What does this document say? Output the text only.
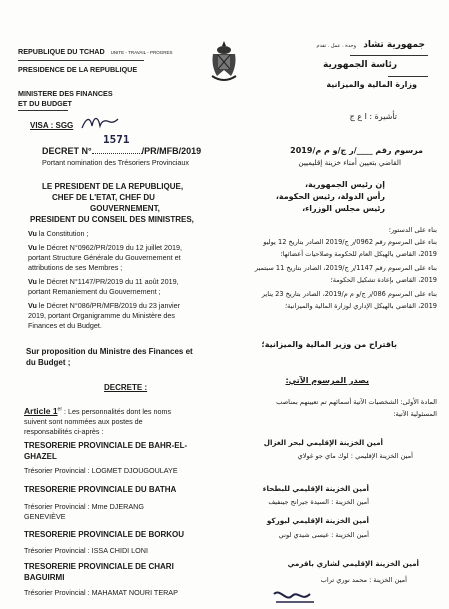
REPUBLIQUE DU TCHAD UNITE - TRAVAIL - PROGRES
PRESIDENCE DE LA REPUBLIQUE
MINISTERE DES FINANCES
ET DU BUDGET
VISA : SGG
جمهورية تشاد وحدة . عمل . تقدم
رئاسة الجمهورية
وزارة المالية والميزانية
تأشيرة : ا ع ج
DECRET N°	/PR/MFB/2019
1571
Portant nomination des Trésoriers Provinciaux
مرسوم رقم ____/ر ج/و م م/2019
القاضي بتعيين أمناء خزينة إقليميين
LE PRESIDENT DE LA REPUBLIQUE,
CHEF DE L'ETAT, CHEF DU
GOUVERNEMENT,
PRESIDENT DU CONSEIL DES MINISTRES,
إن رئيس الجمهورية،
رأس الدولة، رئيس الحكومة،
رئيس مجلس الوزراء،
Vu la Constitution ;
Vu le Décret N°0962/PR/2019 du 12 juillet 2019,
portant Structure Générale du Gouvernement et
attributions de ses Membres ;
Vu le Décret N°1147/PR/2019 du 11 août 2019,
portant Remaniement du Gouvernement ;
Vu le Décret N°086/PR/MFB/2019 du 23 janvier
2019, portant Organigramme du Ministère des
Finances et du Budget.
بناء على الدستور؛
بناء على المرسوم رقم 0962/ر ج/2019 الصادر بتاريخ 12 يوليو
2019، القاضي بالهيكل العام للحكومة وصلاحيات أعضائها؛
بناء على المرسوم رقم 1147/ر ج/2019، الصادر بتاريخ 11 سبتمبر
2019، القاضي بإعادة تشكيل الحكومة؛
بناء على المرسوم 086/ر ج/و م م/2019، الصادر بتاريخ 23 يناير
2019، القاضي بالهيكل الإداري لوزارة المالية والميزانية؛
Sur proposition du Ministre des Finances et
du Budget ;
باقتراح من وزير المالية والميزانية؛
DECRETE :
يصدر المرسوم الآتي:
Article 1er : Les personnalités dont les noms
suivent sont nommées aux postes de
responsabilités ci-après :
المادة الأولى: الشخصيات الآتية أسمائهم تم تعيينهم بمناصب
المسئولية الآتية:
TRESORERIE PROVINCIALE DE BAHR-EL-
GHAZEL
Trésorier Provincial : LOGMET DJOUGOULAYE
TRESORERIE PROVINCIALE DU BATHA
Trésorier Provincial : Mme DJERANG
GENEVIÈVE
TRESORERIE PROVINCIALE DE BORKOU
Trésorier Provincial : ISSA CHIDI LONI
TRESORERIE PROVINCIALE DE CHARI
BAGUIRMI
Trésorier Provincial : MAHAMAT NOURI TERAP
أمين الخزينة الإقليمي لبحر الغزال
أمين الخزينة الإقليمي : لوك ماي جو غولاي
أمين الخزينة الإقليمي للبطحاء
أمين الخزينة : السيدة جيرانج جينفيف
أمين الخزينة الإقليمي لبوركو
أمين الخزينة : عيسى شيدي لوني
أمين الخزينة الإقليمي لشاري باقرمي
أمين الخزينة : محمد نوري تراب
